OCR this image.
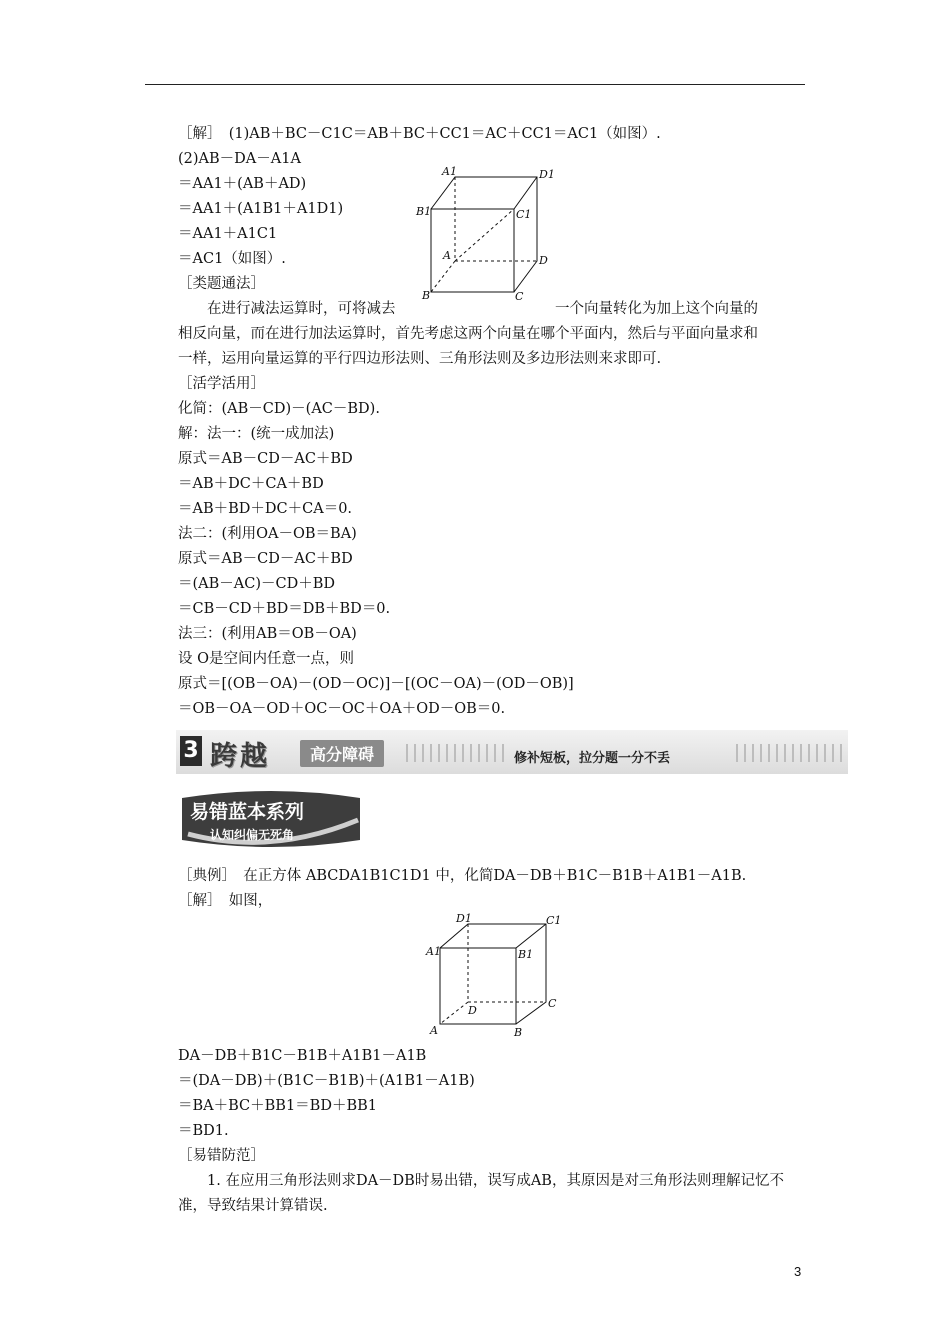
［解］　(1)AB＋BC－C1C＝AB＋BC＋CC1＝AC＋CC1＝AC1（如图）.
(2)AB－DA－A1A
＝AA1＋(AB＋AD)
＝AA1＋(A1B1＋A1D1)
＝AA1＋A1C1
＝AC1（如图）.
［类题通法］
　　在进行减法运算时，可将减去　　　　　　　　　　　一个向量转化为加上这个向量的
相反向量，而在进行加法运算时，首先考虑这两个向量在哪个平面内，然后与平面向量求和
一样，运用向量运算的平行四边形法则、三角形法则及多边形法则来求即可.
［活学活用］
化简：(AB－CD)－(AC－BD).
解：法一：(统一成加法)
原式＝AB－CD－AC＋BD
＝AB＋DC＋CA＋BD
＝AB＋BD＋DC＋CA＝0.
法二：(利用OA－OB＝BA)
原式＝AB－CD－AC＋BD
＝(AB－AC)－CD＋BD
＝CB－CD＋BD＝DB＋BD＝0.
法三：(利用AB＝OB－OA)
设 O是空间内任意一点，则
原式＝[(OB－OA)－(OD－OC)]－[(OC－OA)－(OD－OB)]
＝OB－OA－OD＋OC－OC＋OA＋OD－OB＝0.
A1	D1
B1	C1
A	D
B	C
3 跨越	高分障碍	修补短板，拉分题一分不丢
易错蓝本系列
认知纠偏无死角
［典例］　在正方体 ABCDA1B1C1D1 中，化简DA－DB＋B1C－B1B＋A1B1－A1B.
［解］　如图，
D1	C1
A1	B1
D
C
A	B
DA－DB＋B1C－B1B＋A1B1－A1B
＝(DA－DB)＋(B1C－B1B)＋(A1B1－A1B)
＝BA＋BC＋BB1＝BD＋BB1
＝BD1.
［易错防范］
　　1. 在应用三角形法则求DA－DB时易出错，误写成AB，其原因是对三角形法则理解记忆不
准，导致结果计算错误.
3
